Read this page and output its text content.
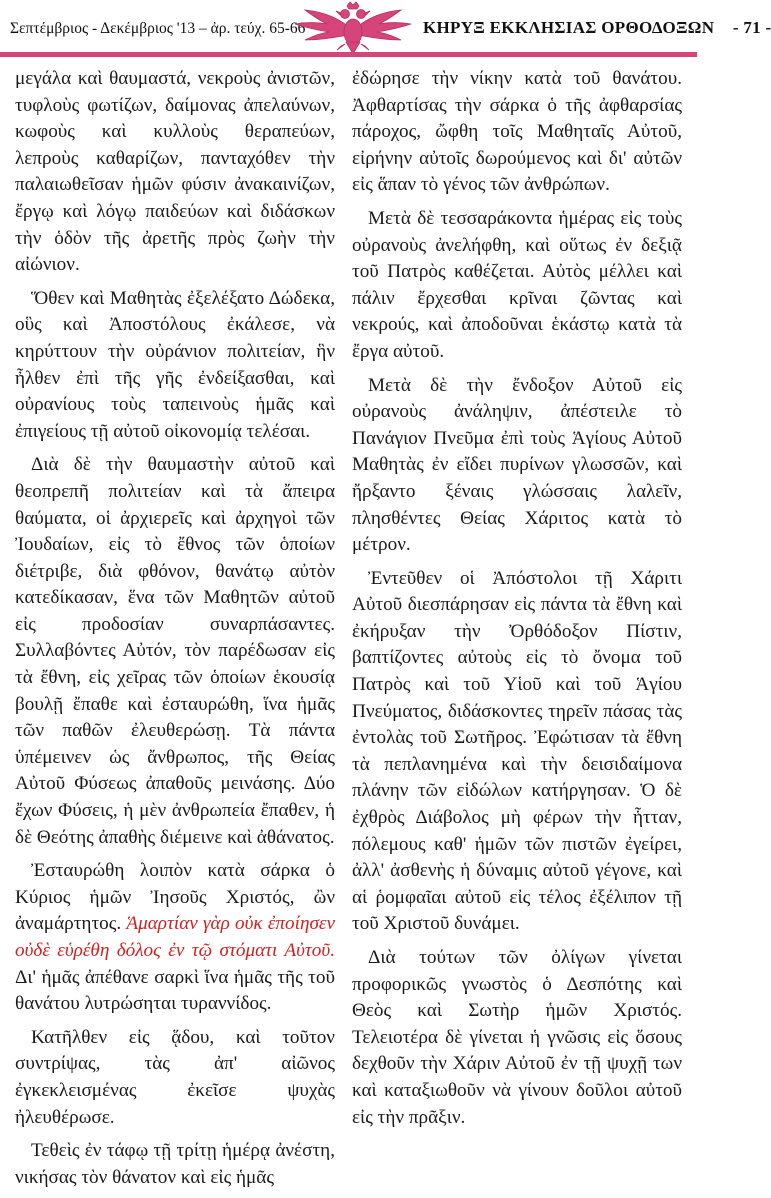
Σεπτέμβριος - Δεκέμβριος '13 – ἀρ. τεύχ. 65-66	ΚΗΡΥΞ ΕΚΚΛΗΣΙΑΣ ΟΡΘΟΔΟΞΩΝ - 71 -

μεγάλα καὶ θαυμαστά, νεκροὺς ἀνιστῶν, τυφλοὺς φωτίζων, δαίμονας ἀπελαύνων, κωφοὺς καὶ κυλλοὺς θεραπεύων, λεπροὺς καθαρίζων, πανταχόθεν τὴν παλαιωθεῖσαν ἡμῶν φύσιν ἀνακαινίζων, ἔργῳ καὶ λόγῳ παιδεύων καὶ διδάσκων τὴν ὁδὸν τῆς ἀρετῆς πρὸς ζωὴν τὴν αἰώνιον.

Ὅθεν καὶ Μαθητὰς ἐξελέξατο Δώδεκα, οὓς καὶ Ἀποστόλους ἐκάλεσε, νὰ κηρύττουν τὴν οὐράνιον πολιτείαν, ἣν ἦλθεν ἐπὶ τῆς γῆς ἐνδείξασθαι, καὶ οὐρανίους τοὺς ταπεινοὺς ἡμᾶς καὶ ἐπιγείους τῇ αὐτοῦ οἰκονομίᾳ τελέσαι.

Διὰ δὲ τὴν θαυμαστὴν αὐτοῦ καὶ θεοπρεπῆ πολιτείαν καὶ τὰ ἄπειρα θαύματα, οἱ ἀρχιερεῖς καὶ ἀρχηγοὶ τῶν Ἰουδαίων, εἰς τὸ ἔθνος τῶν ὁποίων διέτριβε, διὰ φθόνον, θανάτῳ αὐτὸν κατεδίκασαν, ἕνα τῶν Μαθητῶν αὐτοῦ εἰς προδοσίαν συναρπάσαντες. Συλλαβόντες Αὐτόν, τὸν παρέδωσαν εἰς τὰ ἔθνη, εἰς χεῖρας τῶν ὁποίων ἑκουσίᾳ βουλῇ ἔπαθε καὶ ἐσταυρώθη, ἵνα ἡμᾶς τῶν παθῶν ἐλευθερώσῃ. Τὰ πάντα ὑπέμεινεν ὡς ἄνθρωπος, τῆς Θείας Αὐτοῦ Φύσεως ἀπαθοῦς μεινάσης. Δύο ἔχων Φύσεις, ἡ μὲν ἀνθρωπεία ἔπαθεν, ἡ δὲ Θεότης ἀπαθὴς διέμεινε καὶ ἀθάνατος.

Ἐσταυρώθη λοιπὸν κατὰ σάρκα ὁ Κύριος ἡμῶν Ἰησοῦς Χριστός, ὢν ἀναμάρτητος. Ἁμαρτίαν γὰρ οὐκ ἐποίησεν οὐδὲ εὑρέθη δόλος ἐν τῷ στόματι Αὐτοῦ. Δι' ἡμᾶς ἀπέθανε σαρκὶ ἵνα ἡμᾶς τῆς τοῦ θανάτου λυτρώσηται τυραννίδος.

Κατῆλθεν εἰς ᾅδου, καὶ τοῦτον συντρίψας, τὰς ἀπ' αἰῶνος ἐγκεκλεισμένας ἐκεῖσε ψυχὰς ἠλευθέρωσε.

Τεθεὶς ἐν τάφῳ τῇ τρίτῃ ἡμέρᾳ ἀνέστη, νικήσας τὸν θάνατον καὶ εἰς ἡμᾶς

ἐδώρησε τὴν νίκην κατὰ τοῦ θανάτου. Ἀφθαρτίσας τὴν σάρκα ὁ τῆς ἀφθαρσίας πάροχος, ὤφθη τοῖς Μαθηταῖς Αὐτοῦ, εἰρήνην αὐτοῖς δωρούμενος καὶ δι' αὐτῶν εἰς ἅπαν τὸ γένος τῶν ἀνθρώπων.

Μετὰ δὲ τεσσαράκοντα ἡμέρας εἰς τοὺς οὐρανοὺς ἀνελήφθη, καὶ οὕτως ἐν δεξιᾷ τοῦ Πατρὸς καθέζεται. Αὐτὸς μέλλει καὶ πάλιν ἔρχεσθαι κρῖναι ζῶντας καὶ νεκρούς, καὶ ἀποδοῦναι ἑκάστῳ κατὰ τὰ ἔργα αὐτοῦ.

Μετὰ δὲ τὴν ἔνδοξον Αὐτοῦ εἰς οὐρανοὺς ἀνάληψιν, ἀπέστειλε τὸ Πανάγιον Πνεῦμα ἐπὶ τοὺς Ἁγίους Αὐτοῦ Μαθητὰς ἐν εἴδει πυρίνων γλωσσῶν, καὶ ἤρξαντο ξέναις γλώσσαις λαλεῖν, πλησθέντες Θείας Χάριτος κατὰ τὸ μέτρον.

Ἐντεῦθεν οἱ Ἀπόστολοι τῇ Χάριτι Αὐτοῦ διεσπάρησαν εἰς πάντα τὰ ἔθνη καὶ ἐκήρυξαν τὴν Ὀρθόδοξον Πίστιν, βαπτίζοντες αὐτοὺς εἰς τὸ ὄνομα τοῦ Πατρὸς καὶ τοῦ Υἱοῦ καὶ τοῦ Ἁγίου Πνεύματος, διδάσκοντες τηρεῖν πάσας τὰς ἐντολὰς τοῦ Σωτῆρος. Ἐφώτισαν τὰ ἔθνη τὰ πεπλανημένα καὶ τὴν δεισιδαίμονα πλάνην τῶν εἰδώλων κατήργησαν. Ὁ δὲ ἐχθρὸς Διάβολος μὴ φέρων τὴν ἧτταν, πόλεμους καθ' ἡμῶν τῶν πιστῶν ἐγείρει, ἀλλ' ἀσθενὴς ἡ δύναμις αὐτοῦ γέγονε, καὶ αἱ ῥομφαῖαι αὐτοῦ εἰς τέλος ἐξέλιπον τῇ τοῦ Χριστοῦ δυνάμει.

Διὰ τούτων τῶν ὀλίγων γίνεται προφορικῶς γνωστὸς ὁ Δεσπότης καὶ Θεὸς καὶ Σωτὴρ ἡμῶν Χριστός. Τελειοτέρα δὲ γίνεται ἡ γνῶσις εἰς ὅσους δεχθοῦν τὴν Χάριν Αὐτοῦ ἐν τῇ ψυχῇ των καὶ καταξιωθοῦν νὰ γίνουν δοῦλοι αὐτοῦ εἰς τὴν πρᾶξιν.
